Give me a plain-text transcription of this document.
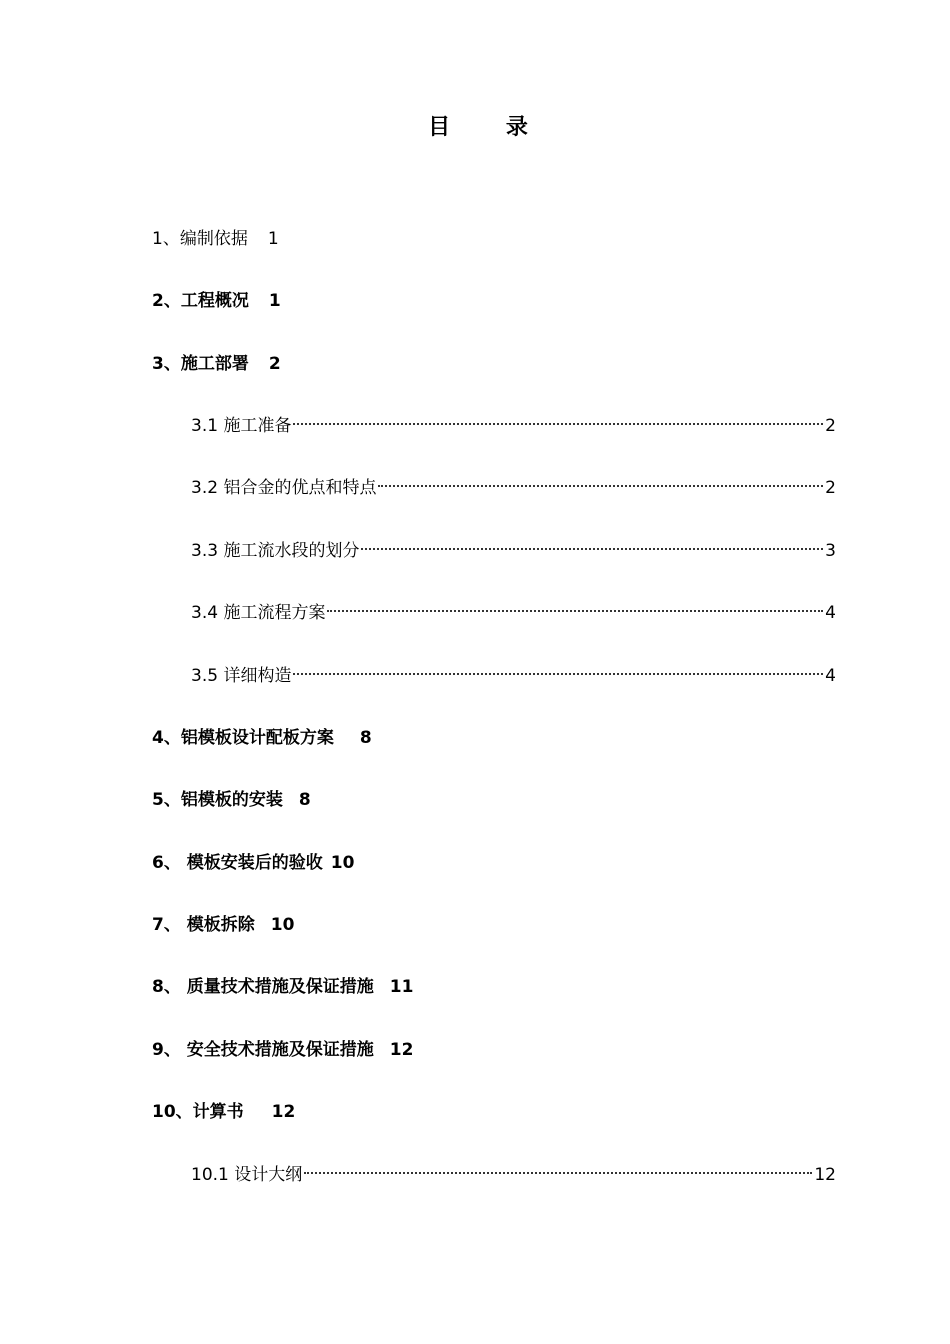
目 录
1、编制依据 1
2、工程概况 1
3、施工部署 2
3.1 施工准备	2
3.2 铝合金的优点和特点	2
3.3 施工流水段的划分	3
3.4 施工流程方案	4
3.5 详细构造	4
4、铝模板设计配板方案 8
5、铝模板的安装 8
6、 模板安装后的验收 10
7、 模板拆除 10
8、 质量技术措施及保证措施 11
9、 安全技术措施及保证措施 12
10、计算书 12
10.1 设计大纲	12
